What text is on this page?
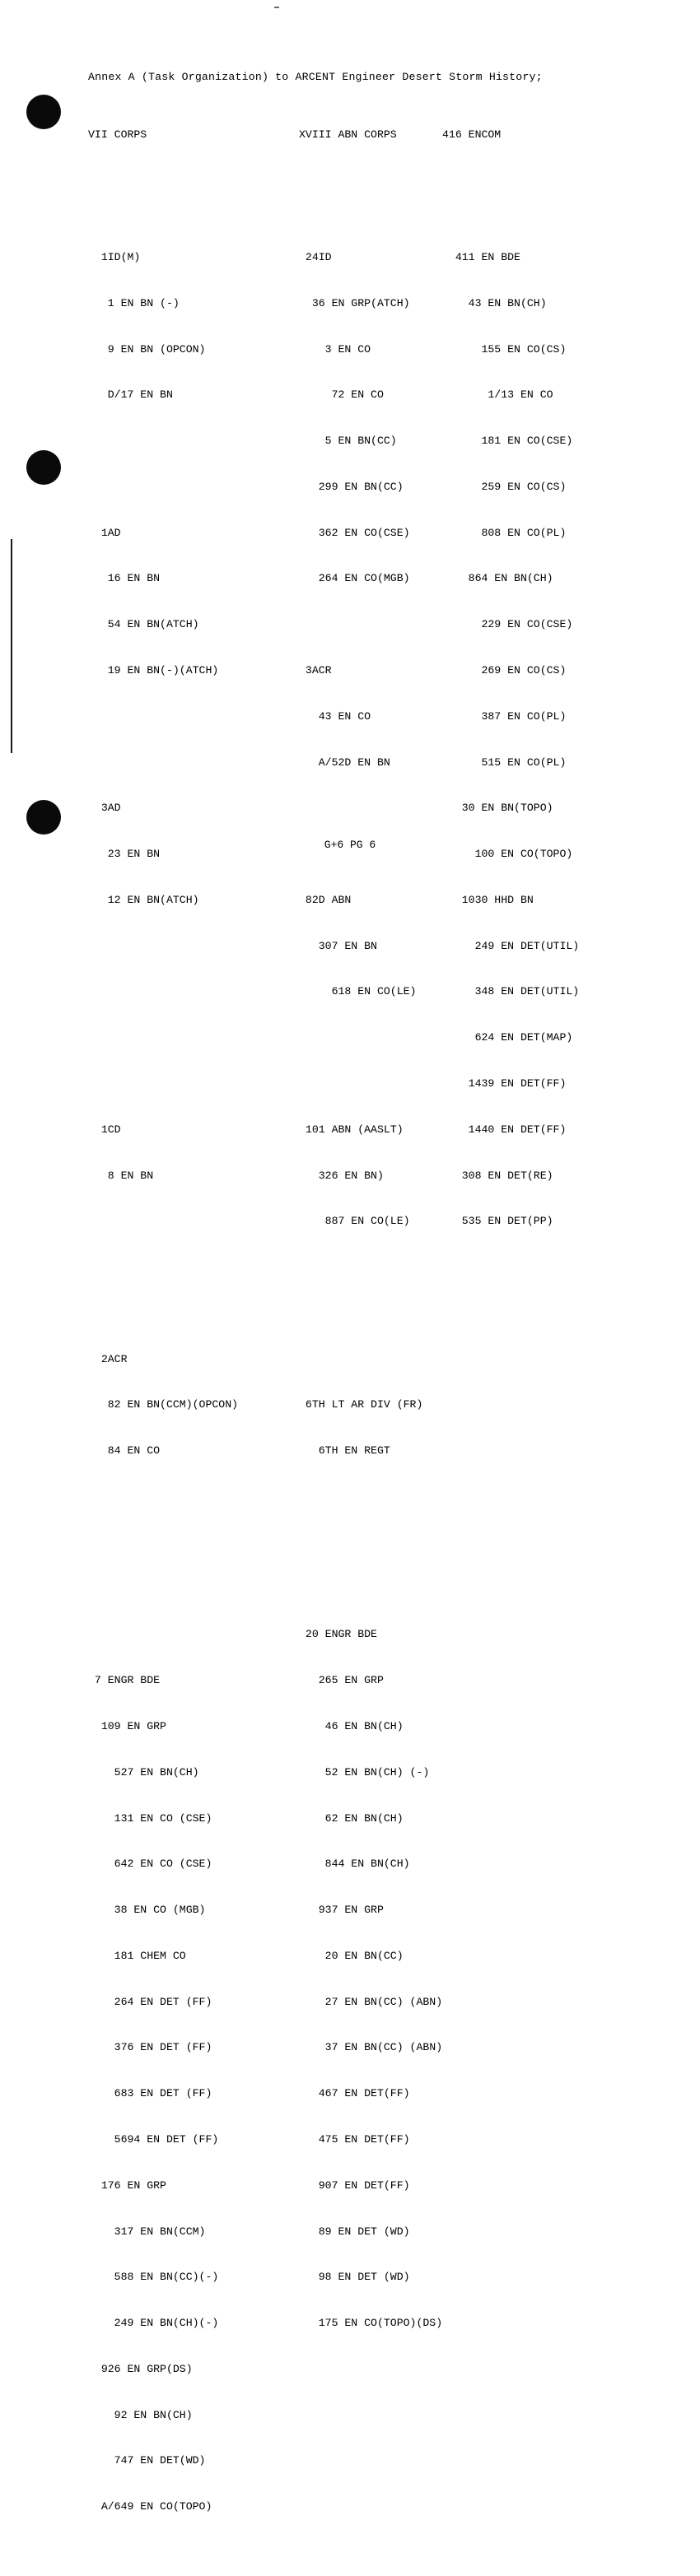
Annex A (Task Organization) to ARCENT Engineer Desert Storm History;

VII CORPS

1ID(M)

1 EN BN (-)

9 EN BN (OPCON)

D/17 EN BN

1AD

16 EN BN

54 EN BN(ATCH)

19 EN BN(-)(ATCH)

3AD

23 EN BN

12 EN BN(ATCH)

1CD

8 EN BN

2ACR

82 EN BN(CCM)(OPCON)

84 EN CO

7 ENGR BDE

109 EN GRP

527 EN BN(CH)

131 EN CO (CSE)

642 EN CO (CSE)

38 EN CO (MGB)

181 CHEM CO

264 EN DET (FF)

376 EN DET (FF)

683 EN DET (FF)

5694 EN DET (FF)

176 EN GRP

317 EN BN(CCM)

588 EN BN(CC)(-)

249 EN BN(CH)(-)

926 EN GRP(DS)

92 EN BN(CH)

747 EN DET(WD)

A/649 EN CO(TOPO)

XVIII ABN CORPS

24ID

36 EN GRP(ATCH)

3 EN CO

72 EN CO

5 EN BN(CC)

299 EN BN(CC)

362 EN CO(CSE)

264 EN CO(MGB)

3ACR

43 EN CO

A/52D EN BN

82D ABN

307 EN BN

618 EN CO(LE)

101 ABN (AASLT)

326 EN BN)

887 EN CO(LE)

6TH LT AR DIV (FR)

6TH EN REGT

20 ENGR BDE

265 EN GRP

46 EN BN(CH)

52 EN BN(CH) (-)

62 EN BN(CH)

844 EN BN(CH)

937 EN GRP

20 EN BN(CC)

27 EN BN(CC) (ABN)

37 EN BN(CC) (ABN)

467 EN DET(FF)

475 EN DET(FF)

907 EN DET(FF)

89 EN DET (WD)

98 EN DET (WD)

175 EN CO(TOPO)(DS)

416 ENCOM

411 EN BDE

43 EN BN(CH)

155 EN CO(CS)

1/13 EN CO

181 EN CO(CSE)

259 EN CO(CS)

808 EN CO(PL)

864 EN BN(CH)

229 EN CO(CSE)

269 EN CO(CS)

387 EN CO(PL)

515 EN CO(PL)

30 EN BN(TOPO)

100 EN CO(TOPO)

1030 HHD BN

249 EN DET(UTIL)

348 EN DET(UTIL)

624 EN DET(MAP)

1439 EN DET(FF)

1440 EN DET(FF)

308 EN DET(RE)

535 EN DET(PP)

G+6 PG 6
